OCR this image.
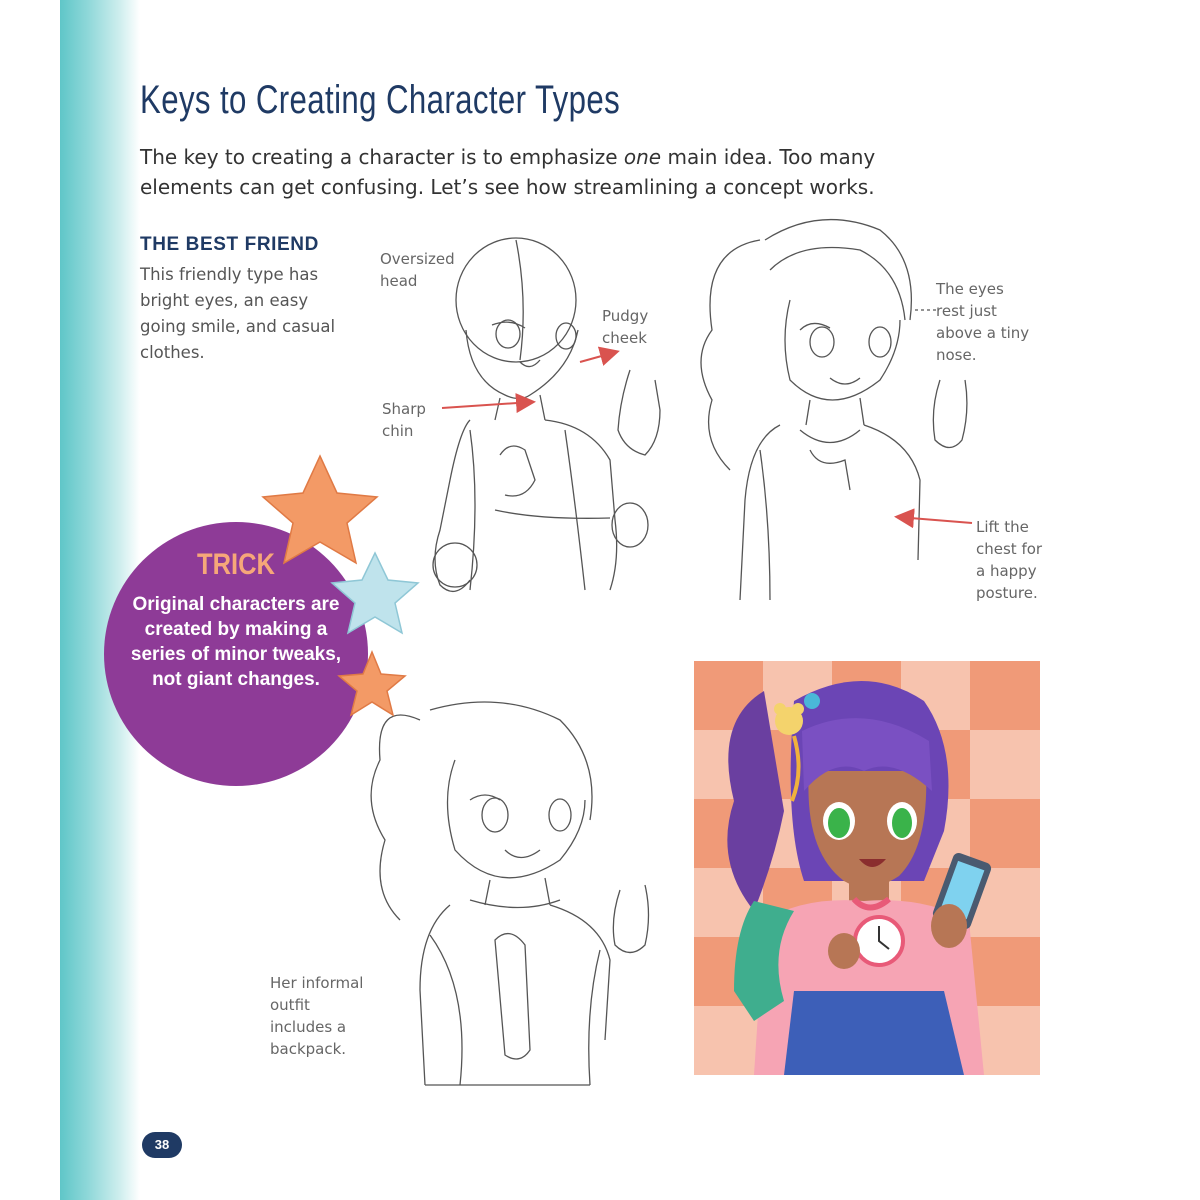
Keys to Creating Character Types
The key to creating a character is to emphasize one main idea. Too many elements can get confusing. Let’s see how streamlining a concept works.
THE BEST FRIEND
This friendly type has bright eyes, an easy going smile, and casual clothes.
Oversized
head
Pudgy
cheek
Sharp
chin
The eyes
rest just
above a tiny
nose.
Lift the
chest for
a happy
posture.
Her informal
outfit
includes a
backpack.
TRICK
Original characters are created by making a series of minor tweaks, not giant changes.
38
